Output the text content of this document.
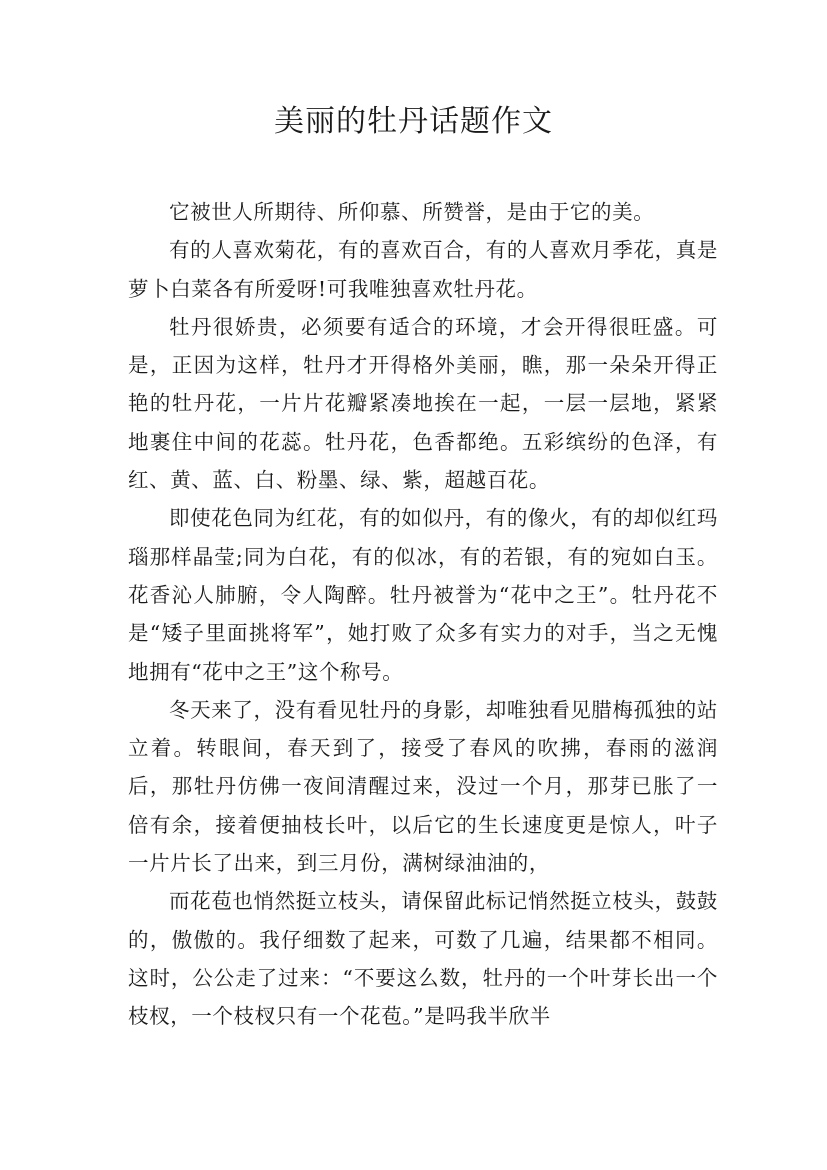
美丽的牡丹话题作文

它被世人所期待、所仰慕、所赞誉，是由于它的美。

有的人喜欢菊花，有的喜欢百合，有的人喜欢月季花，真是萝卜白菜各有所爱呀!可我唯独喜欢牡丹花。

牡丹很娇贵，必须要有适合的环境，才会开得很旺盛。可是，正因为这样，牡丹才开得格外美丽，瞧，那一朵朵开得正艳的牡丹花，一片片花瓣紧凑地挨在一起，一层一层地，紧紧地裹住中间的花蕊。牡丹花，色香都绝。五彩缤纷的色泽，有红、黄、蓝、白、粉墨、绿、紫，超越百花。

即使花色同为红花，有的如似丹，有的像火，有的却似红玛瑙那样晶莹;同为白花，有的似冰，有的若银，有的宛如白玉。花香沁人肺腑，令人陶醉。牡丹被誉为“花中之王”。牡丹花不是“矮子里面挑将军”，她打败了众多有实力的对手，当之无愧地拥有“花中之王”这个称号。

冬天来了，没有看见牡丹的身影，却唯独看见腊梅孤独的站立着。转眼间，春天到了，接受了春风的吹拂，春雨的滋润后，那牡丹仿佛一夜间清醒过来，没过一个月，那芽已胀了一倍有余，接着便抽枝长叶，以后它的生长速度更是惊人，叶子一片片长了出来，到三月份，满树绿油油的，

而花苞也悄然挺立枝头，请保留此标记悄然挺立枝头，鼓鼓的，傲傲的。我仔细数了起来，可数了几遍，结果都不相同。这时，公公走了过来：“不要这么数，牡丹的一个叶芽长出一个枝杈，一个枝杈只有一个花苞。”是吗我半欣半
